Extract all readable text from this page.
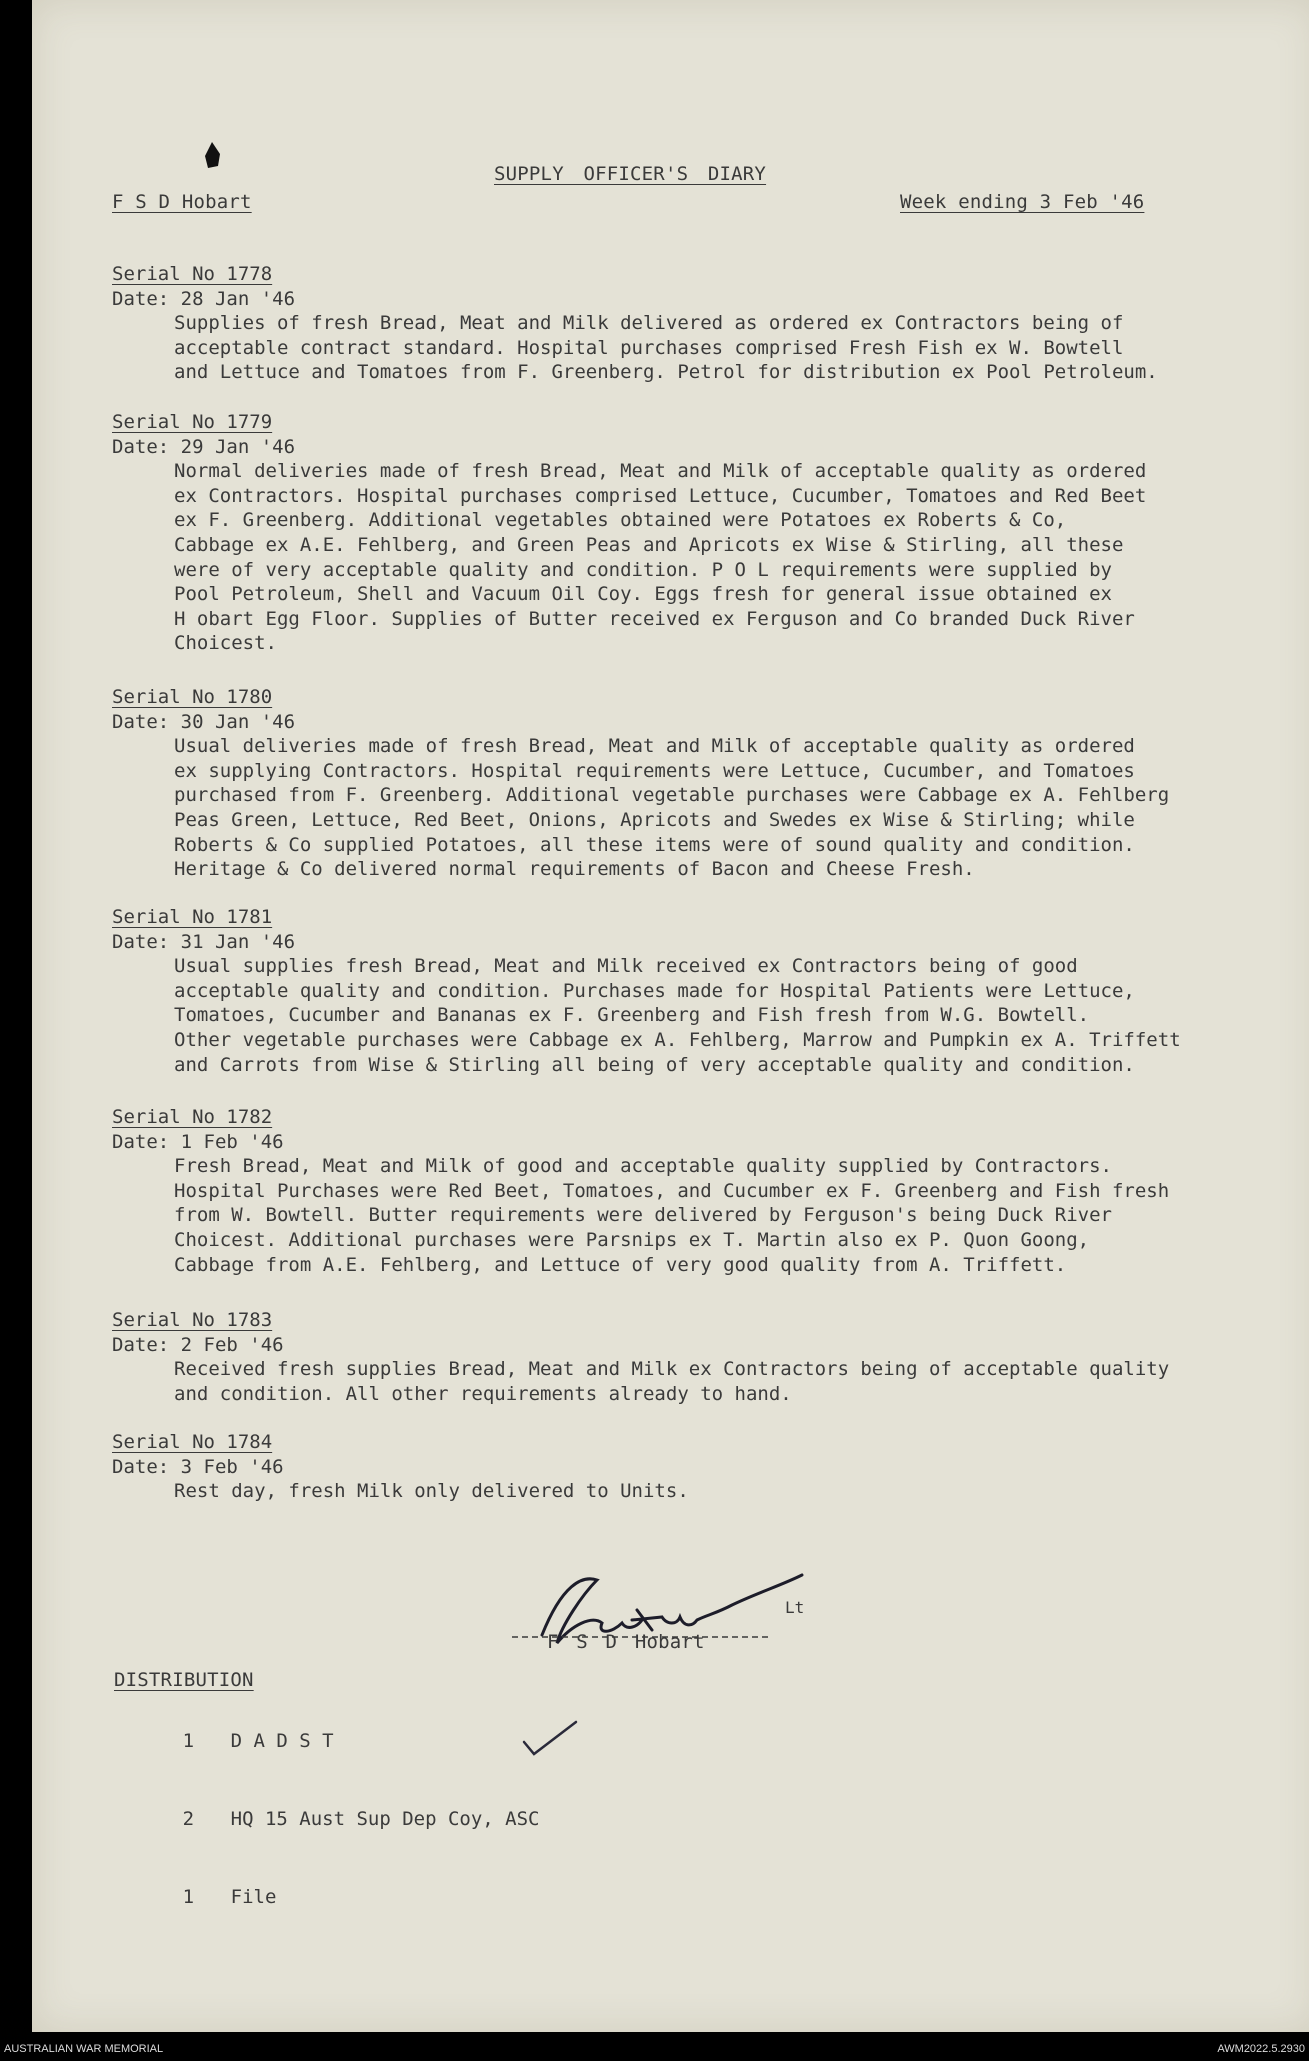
SUPPLY OFFICER'S DIARY
F S D Hobart	Week ending 3 Feb '46
Serial No 1778
Date: 28 Jan '46
Supplies of fresh Bread, Meat and Milk delivered as ordered ex Contractors being of
acceptable contract standard. Hospital purchases comprised Fresh Fish ex W. Bowtell
and Lettuce and Tomatoes from F. Greenberg. Petrol for distribution ex Pool Petroleum.
Serial No 1779
Date: 29 Jan '46
Normal deliveries made of fresh Bread, Meat and Milk of acceptable quality as ordered
ex Contractors. Hospital purchases comprised Lettuce, Cucumber, Tomatoes and Red Beet
ex F. Greenberg. Additional vegetables obtained were Potatoes ex Roberts & Co,
Cabbage ex A.E. Fehlberg, and Green Peas and Apricots ex Wise & Stirling, all these
were of very acceptable quality and condition. P O L requirements were supplied by
Pool Petroleum, Shell and Vacuum Oil Coy. Eggs fresh for general issue obtained ex
H obart Egg Floor. Supplies of Butter received ex Ferguson and Co branded Duck River
Choicest.
Serial No 1780
Date: 30 Jan '46
Usual deliveries made of fresh Bread, Meat and Milk of acceptable quality as ordered
ex supplying Contractors. Hospital requirements were Lettuce, Cucumber, and Tomatoes
purchased from F. Greenberg. Additional vegetable purchases were Cabbage ex A. Fehlberg
Peas Green, Lettuce, Red Beet, Onions, Apricots and Swedes ex Wise & Stirling; while
Roberts & Co supplied Potatoes, all these items were of sound quality and condition.
Heritage & Co delivered normal requirements of Bacon and Cheese Fresh.
Serial No 1781
Date: 31 Jan '46
Usual supplies fresh Bread, Meat and Milk received ex Contractors being of good
acceptable quality and condition. Purchases made for Hospital Patients were Lettuce,
Tomatoes, Cucumber and Bananas ex F. Greenberg and Fish fresh from W.G. Bowtell.
Other vegetable purchases were Cabbage ex A. Fehlberg, Marrow and Pumpkin ex A. Triffett
and Carrots from Wise & Stirling all being of very acceptable quality and condition.
Serial No 1782
Date: 1 Feb '46
Fresh Bread, Meat and Milk of good and acceptable quality supplied by Contractors.
Hospital Purchases were Red Beet, Tomatoes, and Cucumber ex F. Greenberg and Fish fresh
from W. Bowtell. Butter requirements were delivered by Ferguson's being Duck River
Choicest. Additional purchases were Parsnips ex T. Martin also ex P. Quon Goong,
Cabbage from A.E. Fehlberg, and Lettuce of very good quality from A. Triffett.
Serial No 1783
Date: 2 Feb '46
Received fresh supplies Bread, Meat and Milk ex Contractors being of acceptable quality
and condition. All other requirements already to hand.
Serial No 1784
Date: 3 Feb '46
Rest day, fresh Milk only delivered to Units.
Lt
F S D Hobart
DISTRIBUTION

1 D A D S T

2 HQ 15 Aust Sup Dep Coy, ASC

1 File

AUSTRALIAN WAR MEMORIAL	AWM2022.5.2930
